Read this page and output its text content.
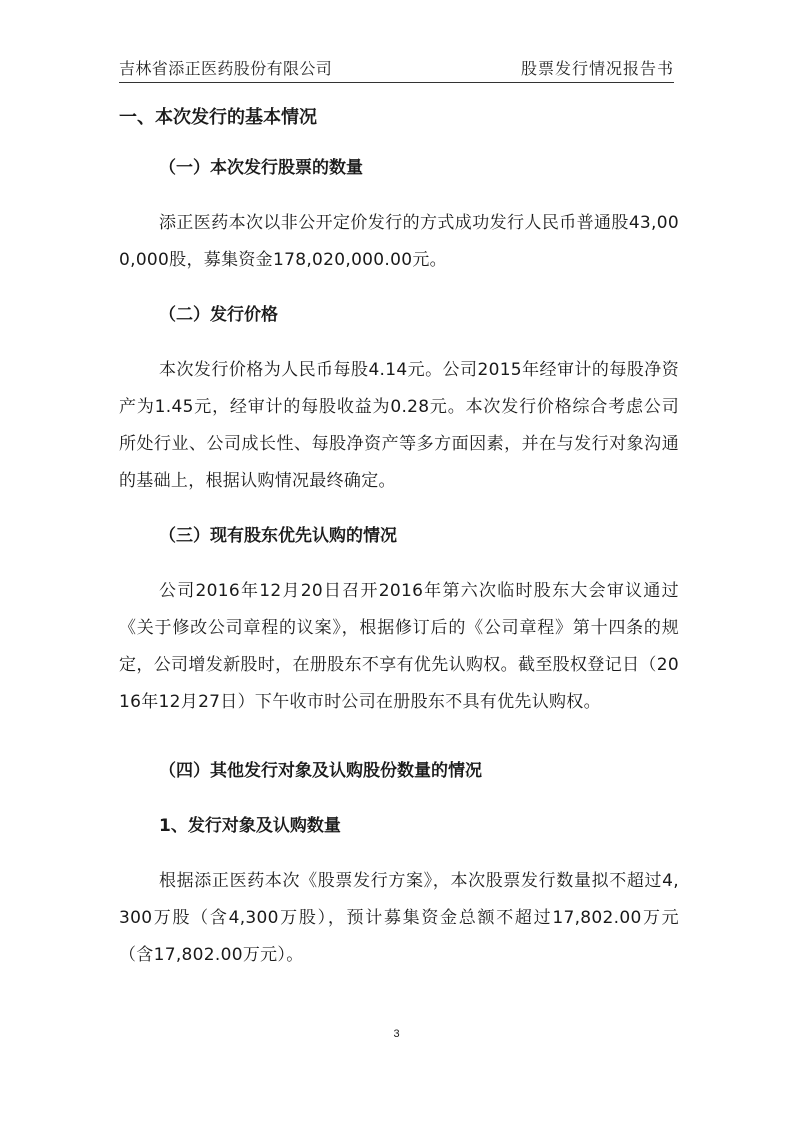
吉林省添正医药股份有限公司	股票发行情况报告书
一、本次发行的基本情况
（一）本次发行股票的数量
添正医药本次以非公开定价发行的方式成功发行人民币普通股43,000,000股，募集资金178,020,000.00元。
（二）发行价格
本次发行价格为人民币每股4.14元。公司2015年经审计的每股净资产为1.45元，经审计的每股收益为0.28元。本次发行价格综合考虑公司所处行业、公司成长性、每股净资产等多方面因素，并在与发行对象沟通的基础上，根据认购情况最终确定。
（三）现有股东优先认购的情况
公司2016年12月20日召开2016年第六次临时股东大会审议通过《关于修改公司章程的议案》，根据修订后的《公司章程》第十四条的规定，公司增发新股时，在册股东不享有优先认购权。截至股权登记日（2016年12月27日）下午收市时公司在册股东不具有优先认购权。
（四）其他发行对象及认购股份数量的情况
1、发行对象及认购数量
根据添正医药本次《股票发行方案》，本次股票发行数量拟不超过4,300万股（含4,300万股），预计募集资金总额不超过17,802.00万元（含17,802.00万元）。
3
